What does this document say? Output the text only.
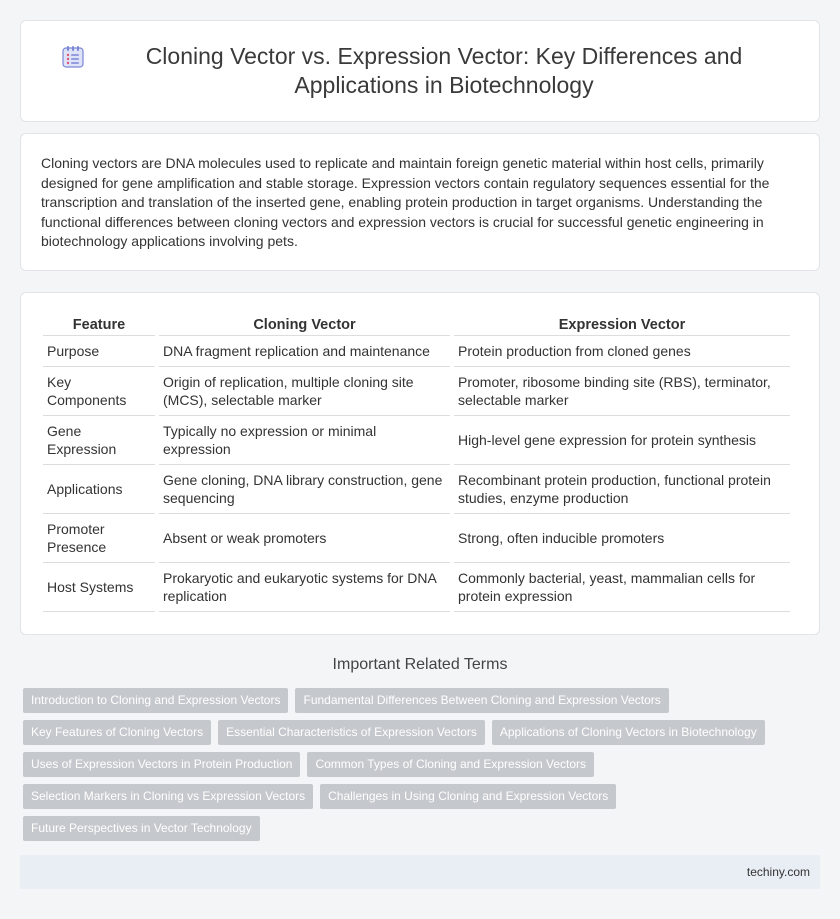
Cloning Vector vs. Expression Vector: Key Differences and Applications in Biotechnology

Cloning vectors are DNA molecules used to replicate and maintain foreign genetic material within host cells, primarily designed for gene amplification and stable storage. Expression vectors contain regulatory sequences essential for the transcription and translation of the inserted gene, enabling protein production in target organisms. Understanding the functional differences between cloning vectors and expression vectors is crucial for successful genetic engineering in biotechnology applications involving pets.

Feature	Cloning Vector	Expression Vector
Purpose	DNA fragment replication and maintenance	Protein production from cloned genes
Key Components	Origin of replication, multiple cloning site (MCS), selectable marker	Promoter, ribosome binding site (RBS), terminator, selectable marker
Gene Expression	Typically no expression or minimal expression	High-level gene expression for protein synthesis
Applications	Gene cloning, DNA library construction, gene sequencing	Recombinant protein production, functional protein studies, enzyme production
Promoter Presence	Absent or weak promoters	Strong, often inducible promoters
Host Systems	Prokaryotic and eukaryotic systems for DNA replication	Commonly bacterial, yeast, mammalian cells for protein expression
Important Related Terms
Introduction to Cloning and Expression Vectors	Fundamental Differences Between Cloning and Expression Vectors
Key Features of Cloning Vectors	Essential Characteristics of Expression Vectors	Applications of Cloning Vectors in Biotechnology
Uses of Expression Vectors in Protein Production	Common Types of Cloning and Expression Vectors
Selection Markers in Cloning vs Expression Vectors	Challenges in Using Cloning and Expression Vectors
Future Perspectives in Vector Technology
techiny.com
